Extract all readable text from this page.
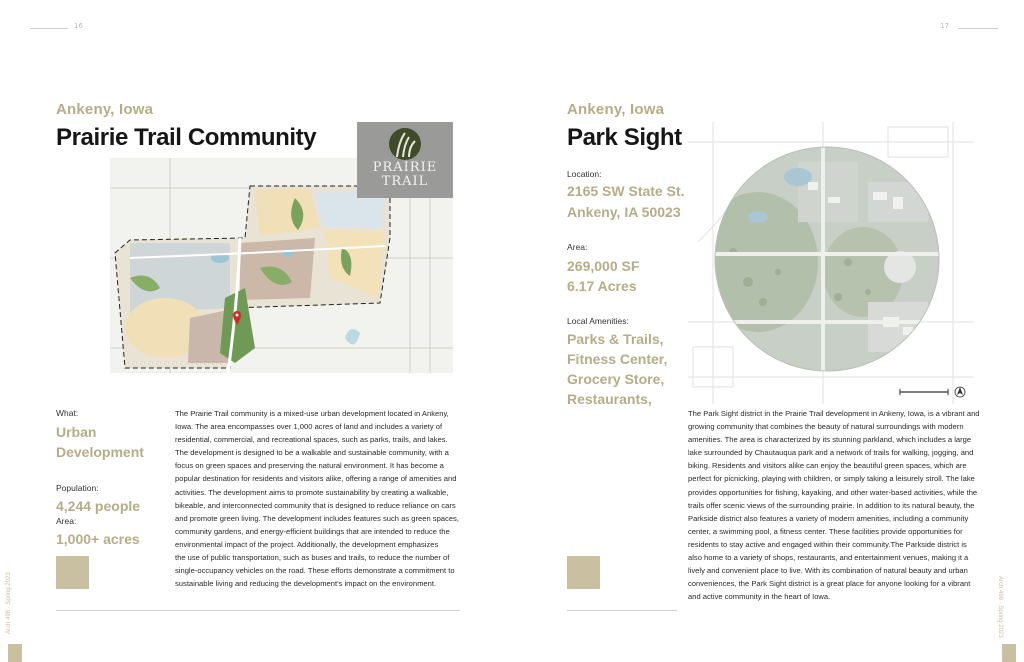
16	17
Ankeny, Iowa
Prairie Trail Community
PRAIRIE
TRAIL
What:
Urban
Development
Population:
4,244 people
Area:
1,000+ acres
The Prairie Trail community is a mixed-use urban development located in Ankeny,
Iowa. The area encompasses over 1,000 acres of land and includes a variety of
residential, commercial, and recreational spaces, such as parks, trails, and lakes.
The development is designed to be a walkable and sustainable community, with a
focus on green spaces and preserving the natural environment. It has become a
popular destination for residents and visitors alike, offering a range of amenities and
activities. The development aims to promote sustainability by creating a walkable,
bikeable, and interconnected community that is designed to reduce reliance on cars
and promote green living. The development includes features such as green spaces,
community gardens, and energy-efficient buildings that are intended to reduce the
environmental impact of the project. Additionally, the development emphasizes
the use of public transportation, such as buses and trails, to reduce the number of
single-occupancy vehicles on the road. These efforts demonstrate a commitment to
sustainable living and reducing the development's impact on the environment.
Arch 498 · Spring 2023
Ankeny, Iowa
Park Sight
Location:
2165 SW State St.
Ankeny, IA 50023
Area:
269,000 SF
6.17 Acres
Local Amenities:
Parks & Trails,
Fitness Center,
Grocery Store,
Restaurants,
The Park Sight district in the Prairie Trail development in Ankeny, Iowa, is a vibrant and
growing community that combines the beauty of natural surroundings with modern
amenities. The area is characterized by its stunning parkland, which includes a large
lake surrounded by Chautauqua park and a network of trails for walking, jogging, and
biking. Residents and visitors alike can enjoy the beautiful green spaces, which are
perfect for picnicking, playing with children, or simply taking a leisurely stroll. The lake
provides opportunities for fishing, kayaking, and other water-based activities, while the
trails offer scenic views of the surrounding prairie. In addition to its natural beauty, the
Parkside district also features a variety of modern amenities, including a community
center, a swimming pool, a fitness center. These facilities provide opportunities for
residents to stay active and engaged within their community.The Parkside district is
also home to a variety of shops, restaurants, and entertainment venues, making it a
lively and convenient place to live. With its combination of natural beauty and urban
conveniences, the Park Sight district is a great place for anyone looking for a vibrant
and active community in the heart of Iowa.	Arch 498 · Spring 2023
